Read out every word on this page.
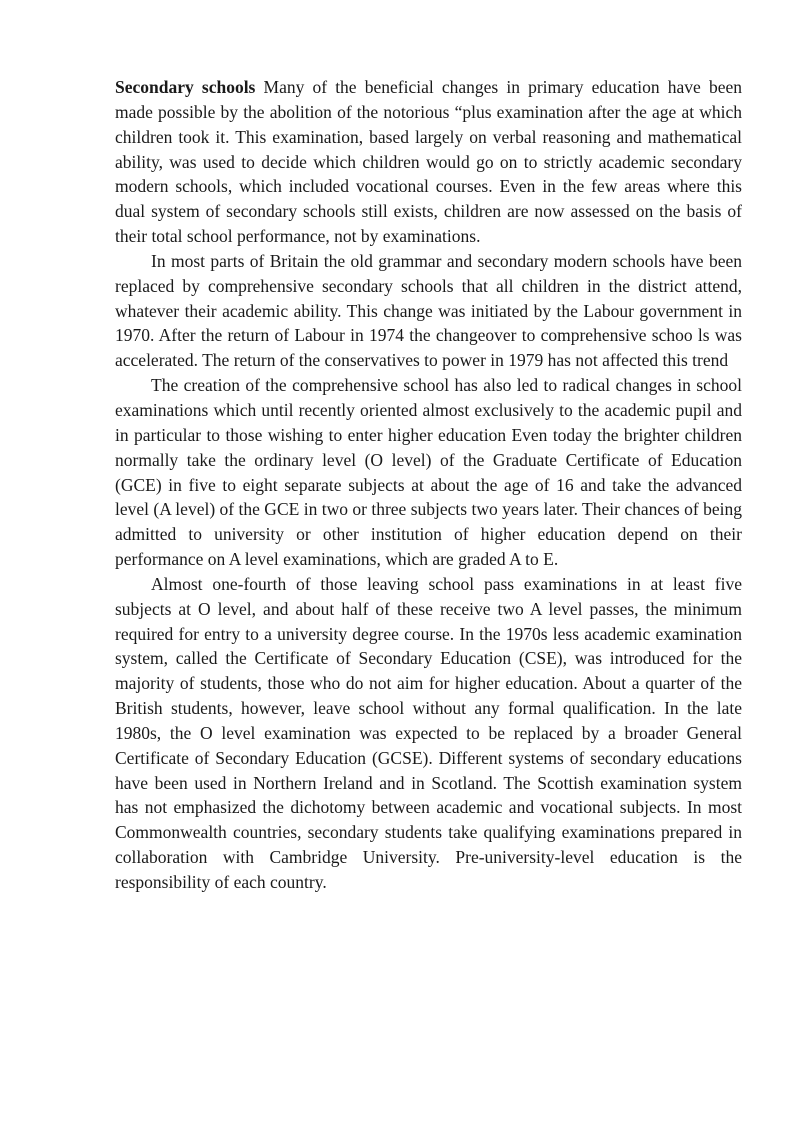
Secondary schools Many of the beneficial changes in primary education have been made possible by the abolition of the notorious “plus examination after the age at which children took it. This examination, based largely on verbal reasoning and mathematical ability, was used to decide which children would go on to strictly academic secondary modern schools, which included vocational courses. Even in the few areas where this dual system of secondary schools still exists, children are now assessed on the basis of their total school performance, not by examinations.

In most parts of Britain the old grammar and secondary modern schools have been replaced by comprehensive secondary schools that all children in the district attend, whatever their academic ability. This change was initiated by the Labour government in 1970. After the return of Labour in 1974 the changeover to comprehensive schoo ls was accelerated. The return of the conservatives to power in 1979 has not affected this trend

The creation of the comprehensive school has also led to radical changes in school examinations which until recently oriented almost exclusively to the academic pupil and in particular to those wishing to enter higher education Even today the brighter children normally take the ordinary level (O level) of the Graduate Certificate of Education (GCE) in five to eight separate subjects at about the age of 16 and take the advanced level (A level) of the GCE in two or three subjects two years later. Their chances of being admitted to university or other institution of higher education depend on their performance on A level examinations, which are graded A to E.

Almost one-fourth of those leaving school pass examinations in at least five subjects at O level, and about half of these receive two A level passes, the minimum required for entry to a university degree course. In the 1970s less academic examination system, called the Certificate of Secondary Education (CSE), was introduced for the majority of students, those who do not aim for higher education. About a quarter of the British students, however, leave school without any formal qualification. In the late 1980s, the O level examination was expected to be replaced by a broader General Certificate of Secondary Education (GCSE). Different systems of secondary educations have been used in Northern Ireland and in Scotland. The Scottish examination system has not emphasized the dichotomy between academic and vocational subjects. In most Commonwealth countries, secondary students take qualifying examinations prepared in collaboration with Cambridge University. Pre-university-level education is the responsibility of each country.
